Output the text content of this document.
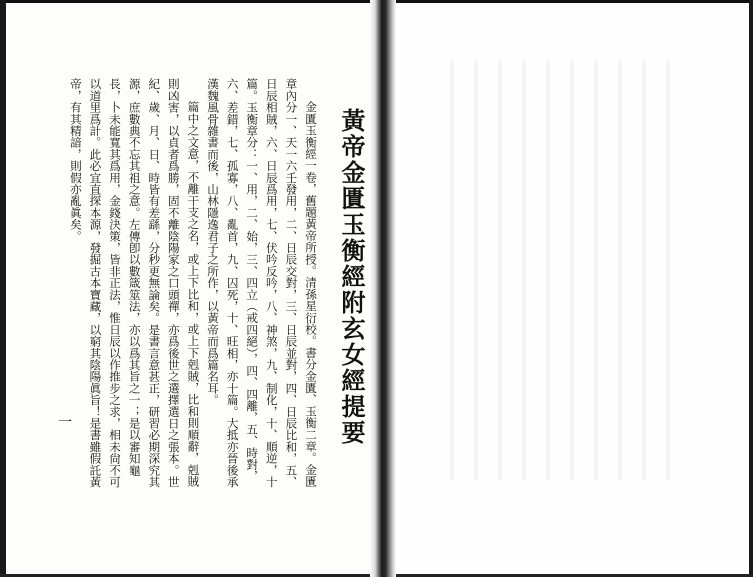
黃帝金匱玉衡經附玄女經提要

金匱玉衡經一卷，舊題黃帝所授。清孫星衍校。書分金匱、玉衡二章。金匱章內分一、天一六壬發用，二、日辰交對，三、日辰並對，四、日辰比和，五、日辰相賊，六、日辰爲用，七、伏吟反吟，八、神煞，九、制化，十、順逆，十篇。玉衡章分：一、用，二、始，三、四立（戒四絕），四、四離，五、時對，六、差錯，七、孤寡，八、亂首，九、囚死，十、旺相，亦十篇。大抵亦晉後承漢魏風骨雜書而後，山林隱逸君子之所作，以黃帝而爲篇名耳。

篇中之文意，不離干支之名，或上下比和，或上下剋賊，比和則順辭，剋賊則凶害，以貞者爲勝，固不離陰陽家之口頭禪，亦爲後世之選擇選日之張本。世紀、歲、月、日、時皆有差繇，分秒更無論矣。是書言意甚正，研習必期深究其源，庶數典不忘其祖之意。左傳卽以數箴筮法，亦以爲其旨之一；是以審知龜長，卜未能寬其爲用，金錢決策，皆非正法，惟日辰以作推步之求，相未尙不可以道里爲計。此必宜直探本源，發掘古本寶藏，以窮其陰陽眞旨！是書雖假託黃帝，有其精諳，則假亦亂眞矣。

一
